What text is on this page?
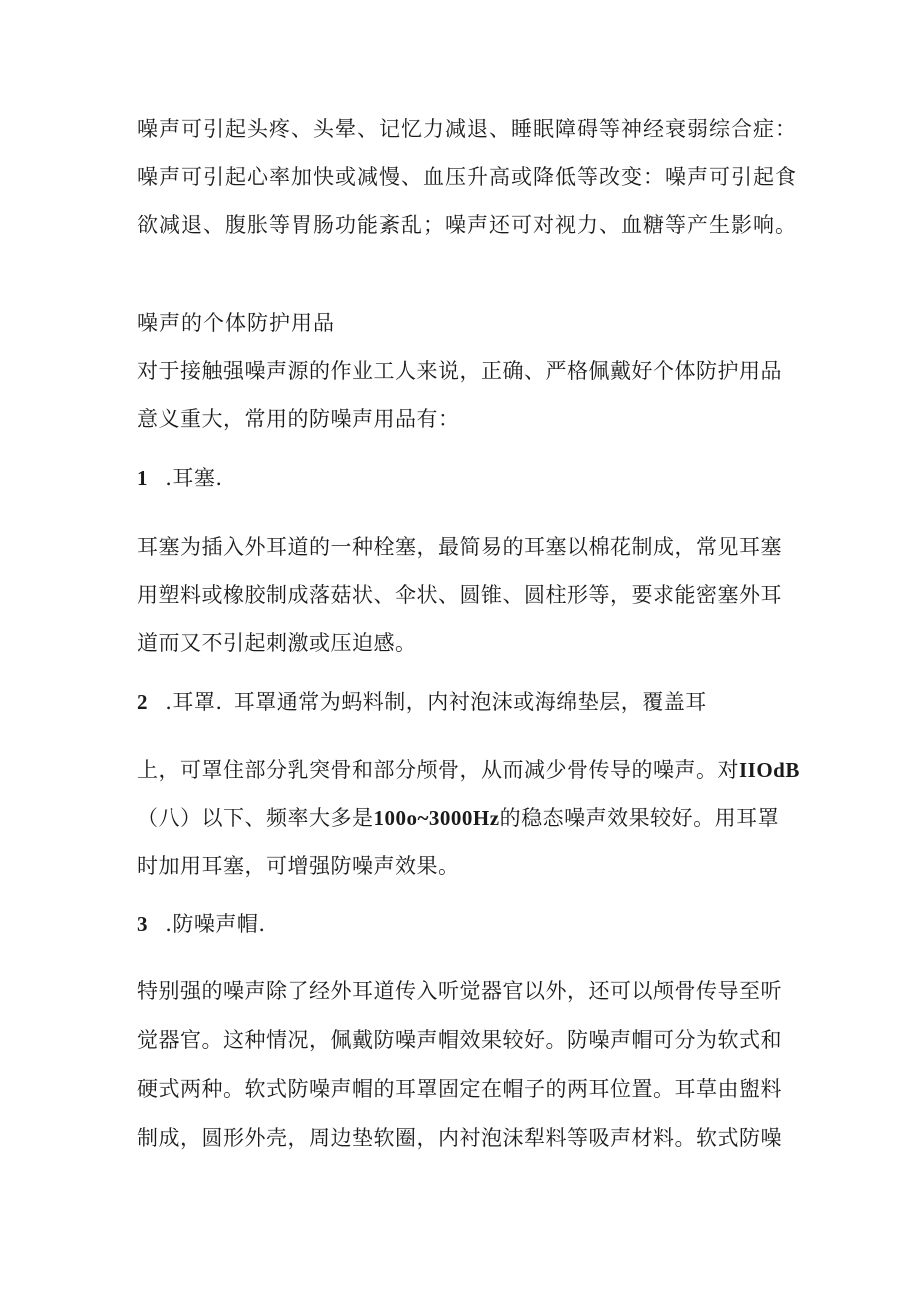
噪声可引起头疼、头晕、记忆力减退、睡眠障碍等神经衰弱综合症：
噪声可引起心率加快或减慢、血压升高或降低等改变：噪声可引起食
欲减退、腹胀等胃肠功能紊乱；噪声还可对视力、血糖等产生影响。
噪声的个体防护用品
对于接触强噪声源的作业工人来说，正确、严格佩戴好个体防护用品
意义重大，常用的防噪声用品有：
1 .耳塞.
耳塞为插入外耳道的一种栓塞，最简易的耳塞以棉花制成，常见耳塞
用塑料或橡胶制成落菇状、伞状、圆锥、圆柱形等，要求能密塞外耳
道而又不引起刺激或压迫感。
2 .耳罩. 耳罩通常为蚂料制，内衬泡沫或海绵垫层，覆盖耳
上，可罩住部分乳突骨和部分颅骨，从而减少骨传导的噪声。对IIOdB
（八）以下、频率大多是100o~3000Hz的稳态噪声效果较好。用耳罩
时加用耳塞，可增强防噪声效果。
3 .防噪声帽.
特别强的噪声除了经外耳道传入听觉器官以外，还可以颅骨传导至听
觉器官。这种情况，佩戴防噪声帽效果较好。防噪声帽可分为软式和
硬式两种。软式防噪声帽的耳罩固定在帽子的两耳位置。耳草由盥料
制成，圆形外壳，周边垫软圈，内衬泡沫犁料等吸声材料。软式防噪
